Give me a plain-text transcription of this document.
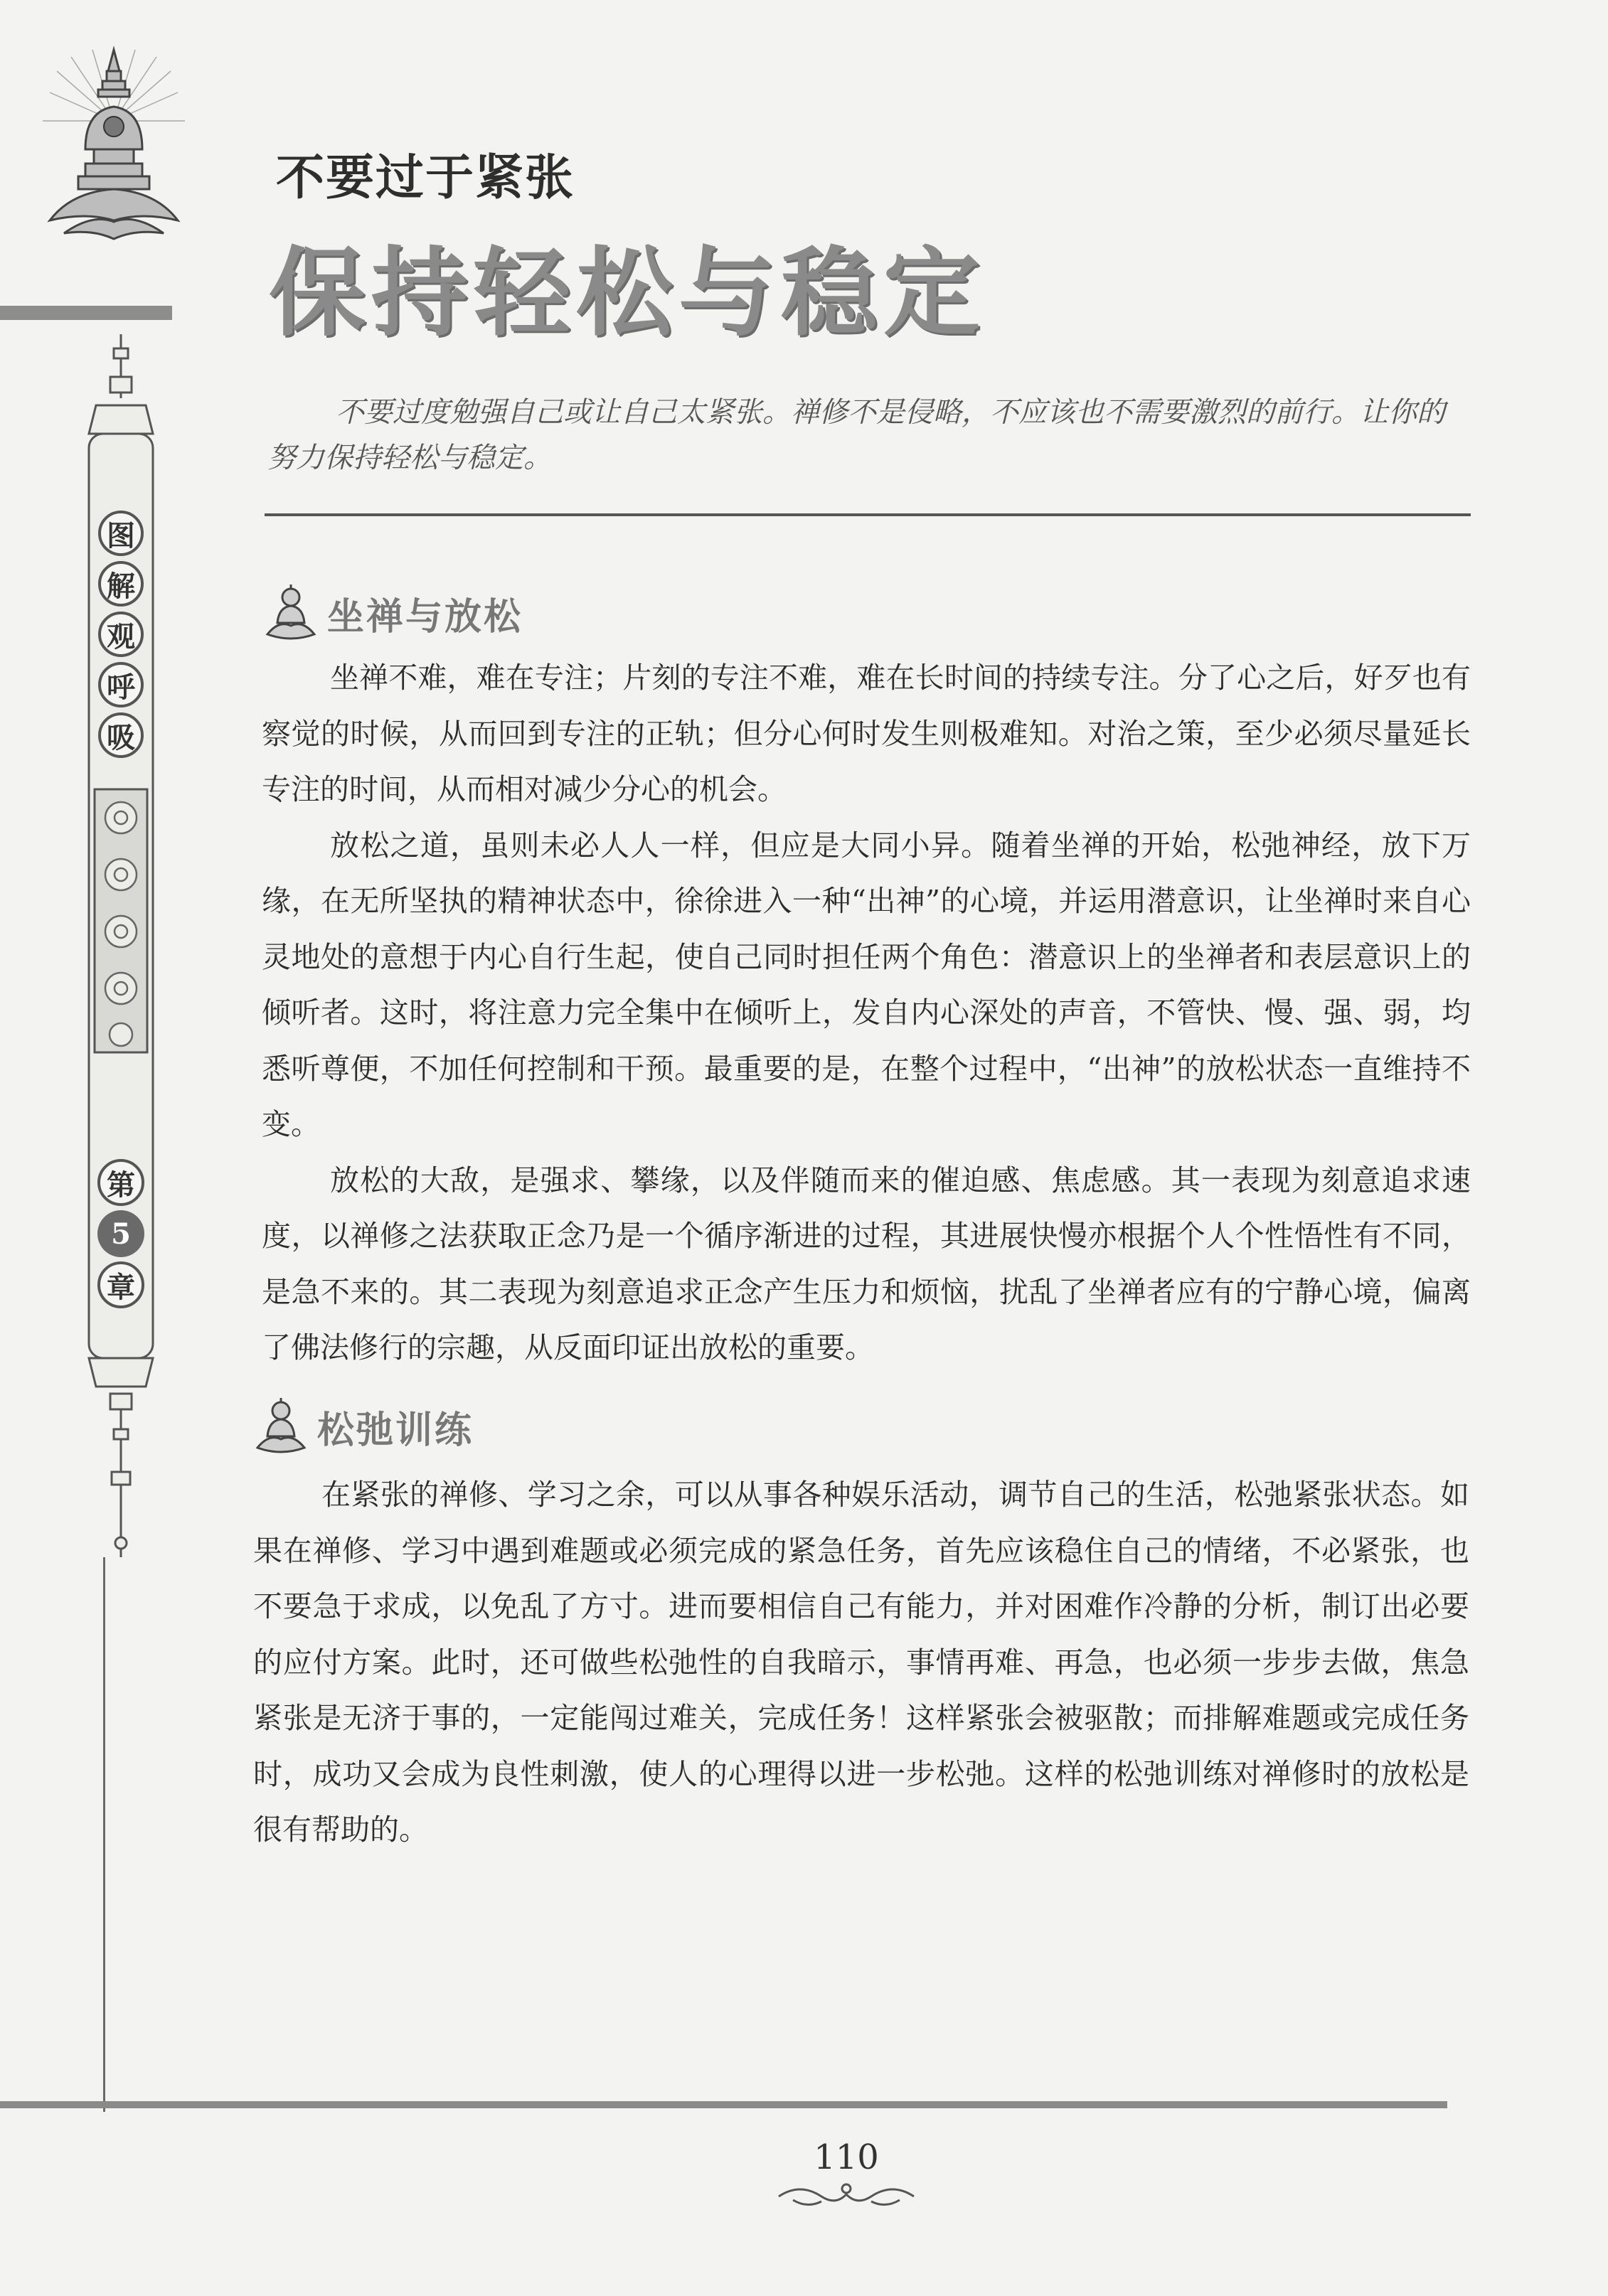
图
解
观
呼
吸
第
5
章
不要过于紧张
保持轻松与稳定
不要过度勉强自己或让自己太紧张。禅修不是侵略，不应该也不需要激烈的前行。让你的努力保持轻松与稳定。
坐禅与放松

坐禅不难，难在专注；片刻的专注不难，难在长时间的持续专注。分了心之后，好歹也有察觉的时候，从而回到专注的正轨；但分心何时发生则极难知。对治之策，至少必须尽量延长专注的时间，从而相对减少分心的机会。

放松之道，虽则未必人人一样，但应是大同小异。随着坐禅的开始，松弛神经，放下万缘，在无所坚执的精神状态中，徐徐进入一种“出神”的心境，并运用潜意识，让坐禅时来自心灵地处的意想于内心自行生起，使自己同时担任两个角色：潜意识上的坐禅者和表层意识上的倾听者。这时，将注意力完全集中在倾听上，发自内心深处的声音，不管快、慢、强、弱，均悉听尊便，不加任何控制和干预。最重要的是，在整个过程中，“出神”的放松状态一直维持不变。

放松的大敌，是强求、攀缘，以及伴随而来的催迫感、焦虑感。其一表现为刻意追求速度，以禅修之法获取正念乃是一个循序渐进的过程，其进展快慢亦根据个人个性悟性有不同，是急不来的。其二表现为刻意追求正念产生压力和烦恼，扰乱了坐禅者应有的宁静心境，偏离了佛法修行的宗趣，从反面印证出放松的重要。

松弛训练

在紧张的禅修、学习之余，可以从事各种娱乐活动，调节自己的生活，松弛紧张状态。如果在禅修、学习中遇到难题或必须完成的紧急任务，首先应该稳住自己的情绪，不必紧张，也不要急于求成，以免乱了方寸。进而要相信自己有能力，并对困难作冷静的分析，制订出必要的应付方案。此时，还可做些松弛性的自我暗示，事情再难、再急，也必须一步步去做，焦急紧张是无济于事的，一定能闯过难关，完成任务！这样紧张会被驱散；而排解难题或完成任务时，成功又会成为良性刺激，使人的心理得以进一步松弛。这样的松弛训练对禅修时的放松是很有帮助的。

110
